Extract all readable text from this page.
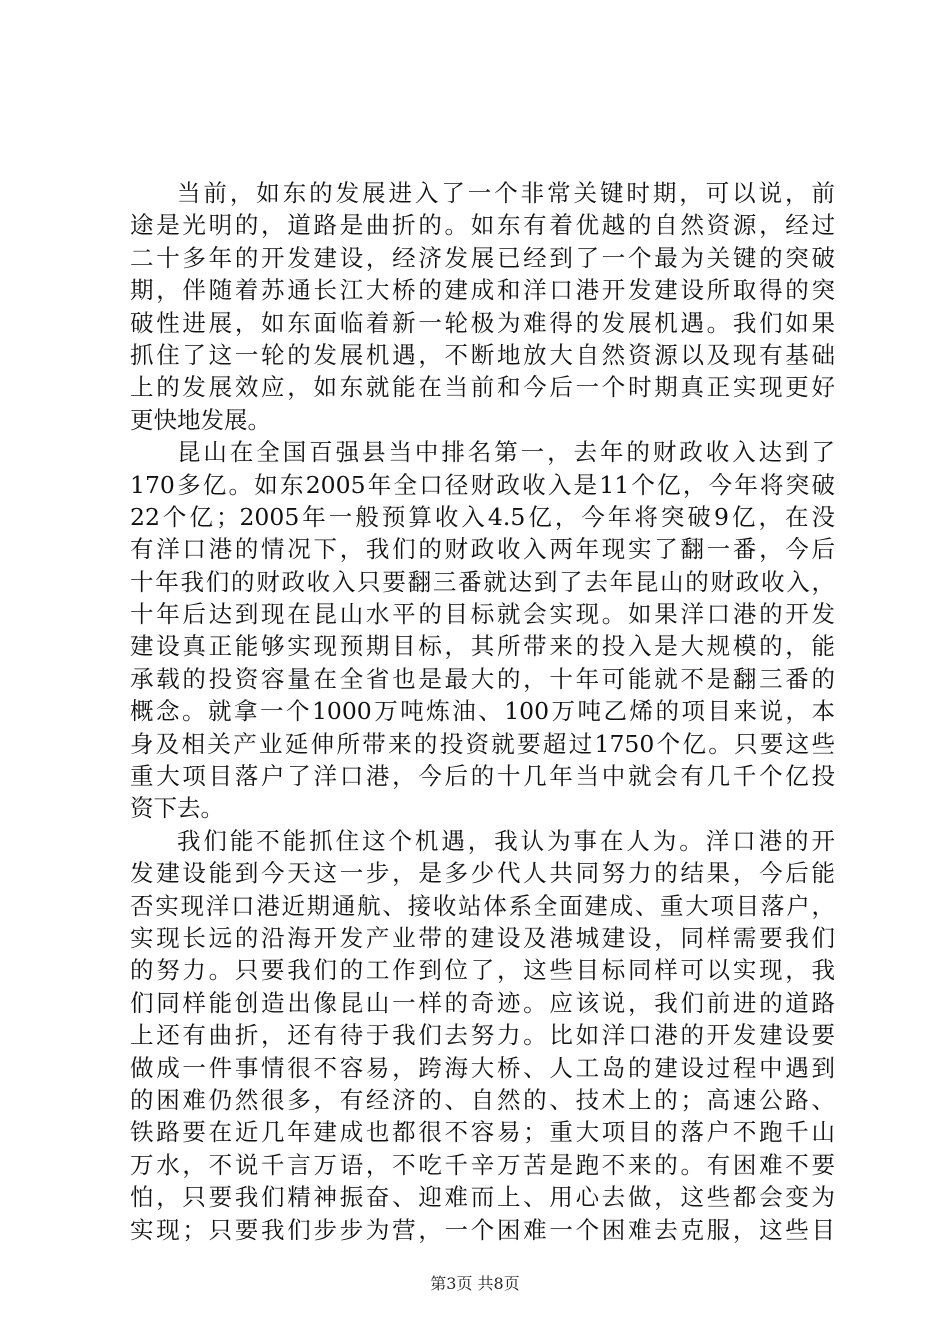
当前，如东的发展进入了一个非常关键时期，可以说，前
途是光明的，道路是曲折的。如东有着优越的自然资源，经过
二十多年的开发建设，经济发展已经到了一个最为关键的突破
期，伴随着苏通长江大桥的建成和洋口港开发建设所取得的突
破性进展，如东面临着新一轮极为难得的发展机遇。我们如果
抓住了这一轮的发展机遇，不断地放大自然资源以及现有基础
上的发展效应，如东就能在当前和今后一个时期真正实现更好
更快地发展。
昆山在全国百强县当中排名第一，去年的财政收入达到了
170多亿。如东2005年全口径财政收入是11个亿，今年将突破
22个亿；2005年一般预算收入4.5亿，今年将突破9亿，在没
有洋口港的情况下，我们的财政收入两年现实了翻一番，今后
十年我们的财政收入只要翻三番就达到了去年昆山的财政收入，
十年后达到现在昆山水平的目标就会实现。如果洋口港的开发
建设真正能够实现预期目标，其所带来的投入是大规模的，能
承载的投资容量在全省也是最大的，十年可能就不是翻三番的
概念。就拿一个1000万吨炼油、100万吨乙烯的项目来说，本
身及相关产业延伸所带来的投资就要超过1750个亿。只要这些
重大项目落户了洋口港，今后的十几年当中就会有几千个亿投
资下去。
我们能不能抓住这个机遇，我认为事在人为。洋口港的开
发建设能到今天这一步，是多少代人共同努力的结果，今后能
否实现洋口港近期通航、接收站体系全面建成、重大项目落户，
实现长远的沿海开发产业带的建设及港城建设，同样需要我们
的努力。只要我们的工作到位了，这些目标同样可以实现，我
们同样能创造出像昆山一样的奇迹。应该说，我们前进的道路
上还有曲折，还有待于我们去努力。比如洋口港的开发建设要
做成一件事情很不容易，跨海大桥、人工岛的建设过程中遇到
的困难仍然很多，有经济的、自然的、技术上的；高速公路、
铁路要在近几年建成也都很不容易；重大项目的落户不跑千山
万水，不说千言万语，不吃千辛万苦是跑不来的。有困难不要
怕，只要我们精神振奋、迎难而上、用心去做，这些都会变为
实现；只要我们步步为营，一个困难一个困难去克服，这些目
第3页 共8页
